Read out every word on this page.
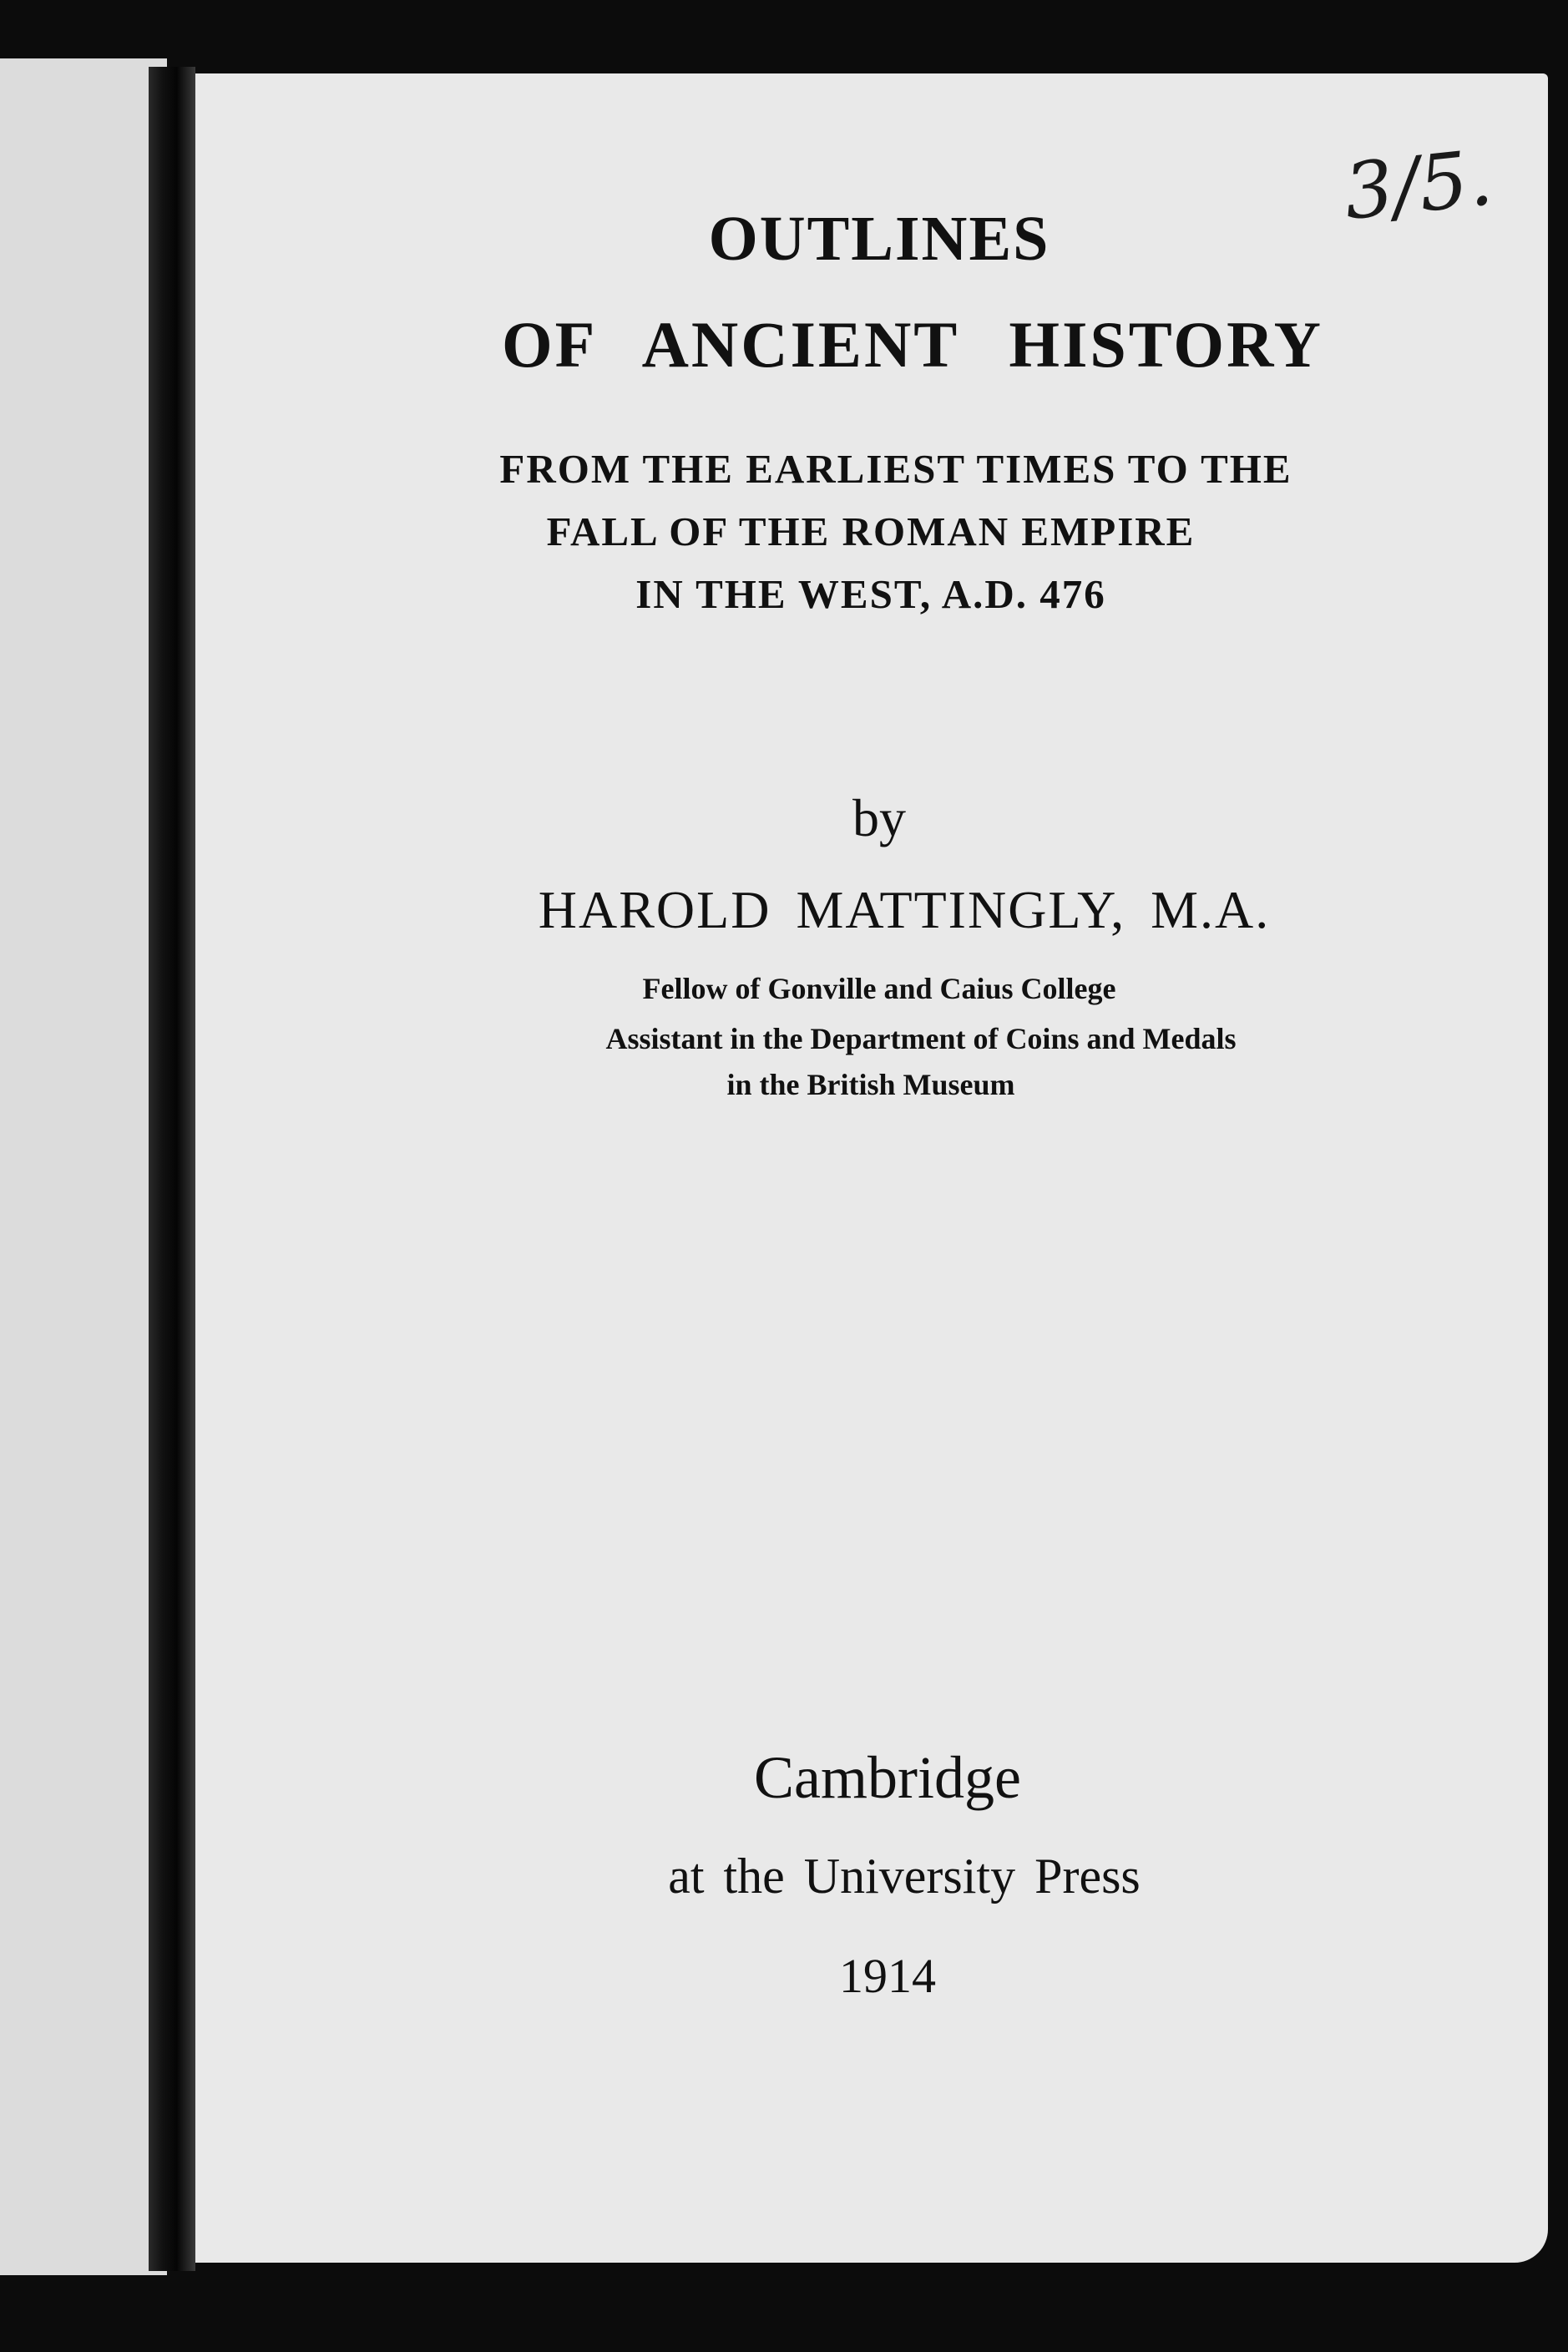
OUTLINES
OF ANCIENT HISTORY
FROM THE EARLIEST TIMES TO THE
FALL OF THE ROMAN EMPIRE
IN THE WEST, A.D. 476
by
HAROLD MATTINGLY, M.A.
Fellow of Gonville and Caius College
Assistant in the Department of Coins and Medals
in the British Museum
Cambridge
at the University Press
1914
3/5.
